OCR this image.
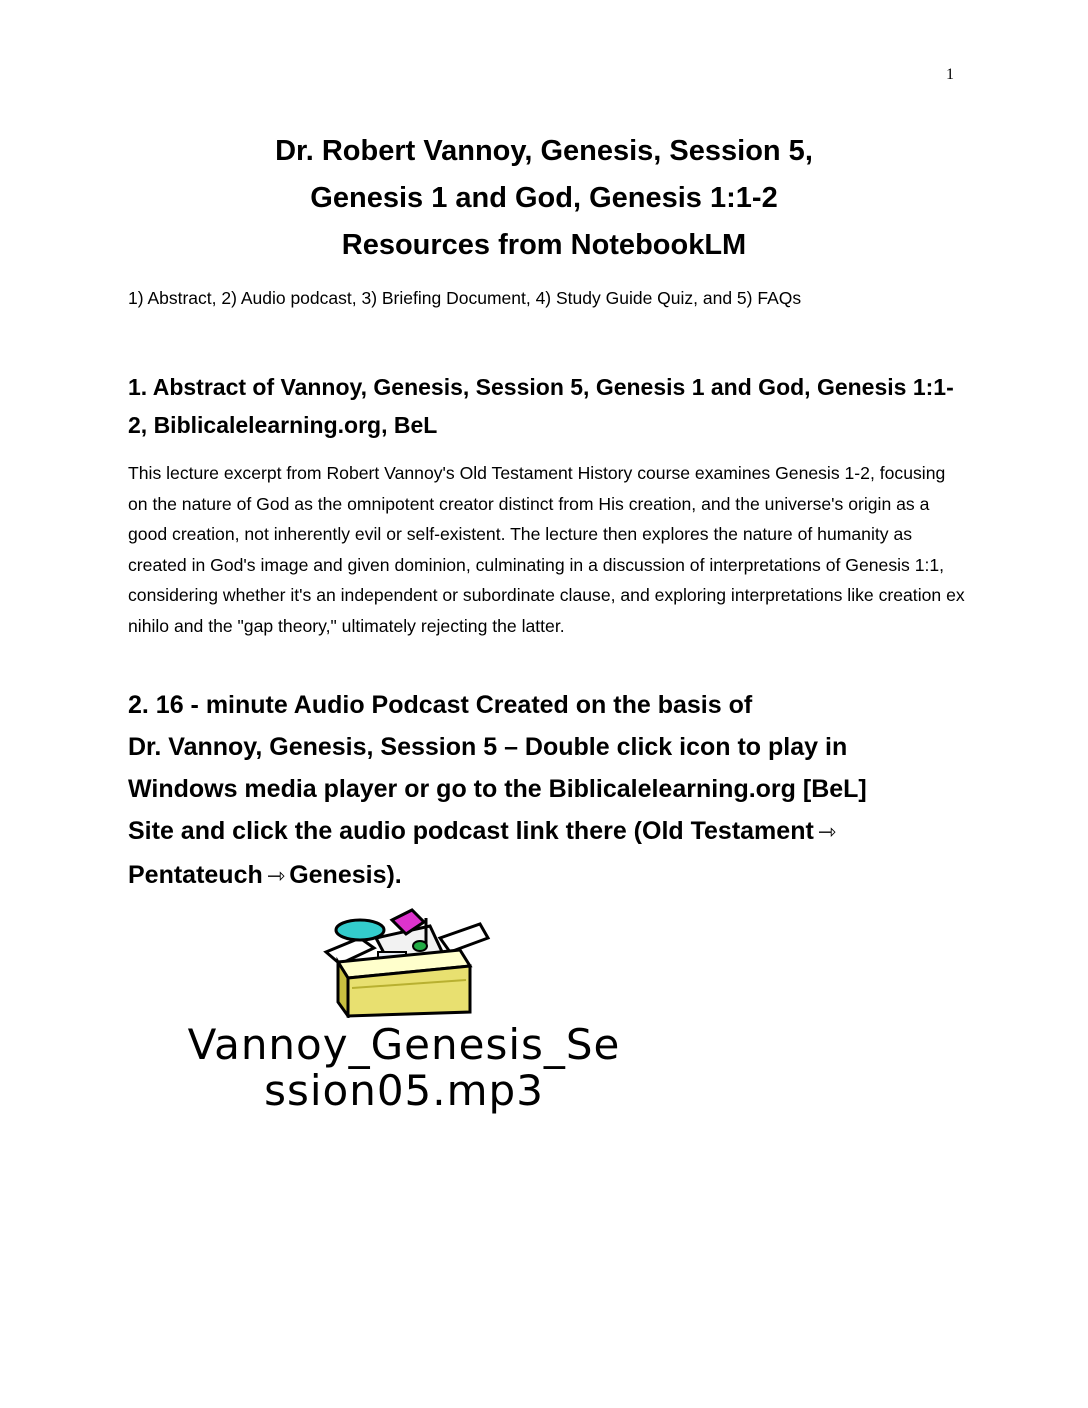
1
Dr. Robert Vannoy, Genesis, Session 5,
Genesis 1 and God, Genesis 1:1-2
Resources from NotebookLM
1) Abstract, 2) Audio podcast, 3) Briefing Document, 4) Study Guide Quiz, and 5) FAQs
1. Abstract of Vannoy, Genesis, Session 5, Genesis 1 and God, Genesis 1:1-2, Biblicalelearning.org, BeL
This lecture excerpt from Robert Vannoy's Old Testament History course examines Genesis 1-2, focusing on the nature of God as the omnipotent creator distinct from His creation, and the universe's origin as a good creation, not inherently evil or self-existent. The lecture then explores the nature of humanity as created in God's image and given dominion, culminating in a discussion of interpretations of Genesis 1:1, considering whether it's an independent or subordinate clause, and exploring interpretations like creation ex nihilo and the "gap theory," ultimately rejecting the latter.
2. 16 - minute Audio Podcast Created on the basis of
Dr. Vannoy, Genesis, Session 5 – Double click icon to play in
Windows media player or go to the Biblicalelearning.org [BeL]
Site and click the audio podcast link there (Old Testament ⇾
Pentateuch ⇾ Genesis).
Vannoy_Genesis_Se
ssion05.mp3
